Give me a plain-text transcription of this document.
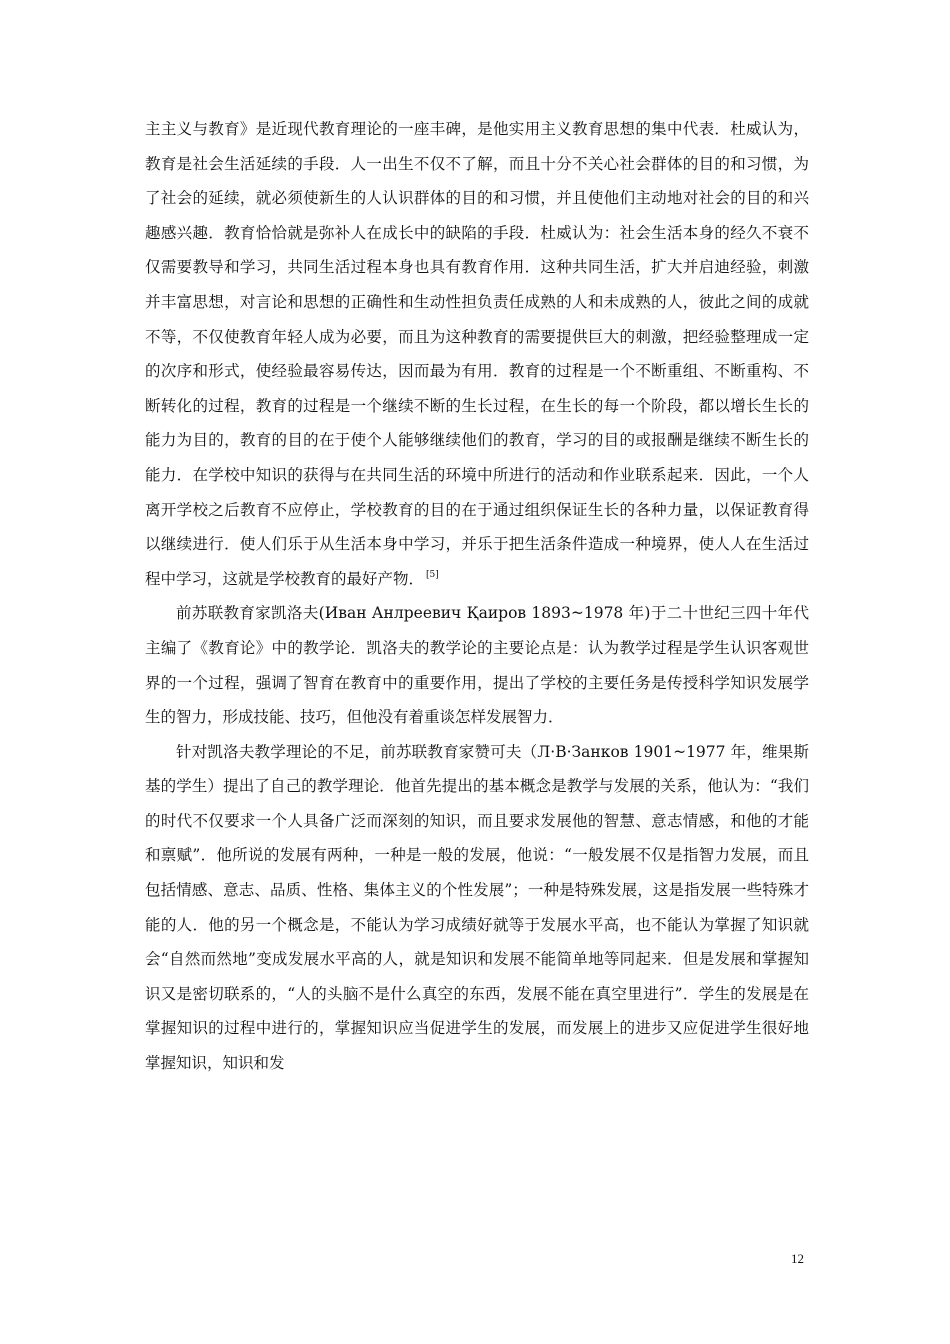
主主义与教育》是近现代教育理论的一座丰碑，是他实用主义教育思想的集中代表．杜威认为，教育是社会生活延续的手段．人一出生不仅不了解，而且十分不关心社会群体的目的和习惯，为了社会的延续，就必须使新生的人认识群体的目的和习惯，并且使他们主动地对社会的目的和兴趣感兴趣．教育恰恰就是弥补人在成长中的缺陷的手段．杜威认为：社会生活本身的经久不衰不仅需要教导和学习，共同生活过程本身也具有教育作用．这种共同生活，扩大并启迪经验，刺激并丰富思想，对言论和思想的正确性和生动性担负责任成熟的人和未成熟的人，彼此之间的成就不等，不仅使教育年轻人成为必要，而且为这种教育的需要提供巨大的刺激，把经验整理成一定的次序和形式，使经验最容易传达，因而最为有用．教育的过程是一个不断重组、不断重构、不断转化的过程，教育的过程是一个继续不断的生长过程，在生长的每一个阶段，都以增长生长的能力为目的，教育的目的在于使个人能够继续他们的教育，学习的目的或报酬是继续不断生长的能力．在学校中知识的获得与在共同生活的环境中所进行的活动和作业联系起来．因此，一个人离开学校之后教育不应停止，学校教育的目的在于通过组织保证生长的各种力量，以保证教育得以继续进行．使人们乐于从生活本身中学习，并乐于把生活条件造成一种境界，使人人在生活过程中学习，这就是学校教育的最好产物． [5]

前苏联教育家凯洛夫(Иван Анлреевич Қаиров 1893~1978 年)于二十世纪三四十年代主编了《教育论》中的教学论．凯洛夫的教学论的主要论点是：认为教学过程是学生认识客观世界的一个过程，强调了智育在教育中的重要作用，提出了学校的主要任务是传授科学知识发展学生的智力，形成技能、技巧，但他没有着重谈怎样发展智力．

针对凯洛夫教学理论的不足，前苏联教育家赞可夫（Л·В·Занков 1901~1977 年，维果斯基的学生）提出了自己的教学理论．他首先提出的基本概念是教学与发展的关系，他认为：“我们的时代不仅要求一个人具备广泛而深刻的知识，而且要求发展他的智慧、意志情感，和他的才能和禀赋”．他所说的发展有两种，一种是一般的发展，他说：“一般发展不仅是指智力发展，而且包括情感、意志、品质、性格、集体主义的个性发展”；一种是特殊发展，这是指发展一些特殊才能的人．他的另一个概念是，不能认为学习成绩好就等于发展水平高，也不能认为掌握了知识就会“自然而然地”变成发展水平高的人，就是知识和发展不能简单地等同起来．但是发展和掌握知识又是密切联系的，“人的头脑不是什么真空的东西，发展不能在真空里进行”．学生的发展是在掌握知识的过程中进行的，掌握知识应当促进学生的发展，而发展上的进步又应促进学生很好地掌握知识，知识和发

12
